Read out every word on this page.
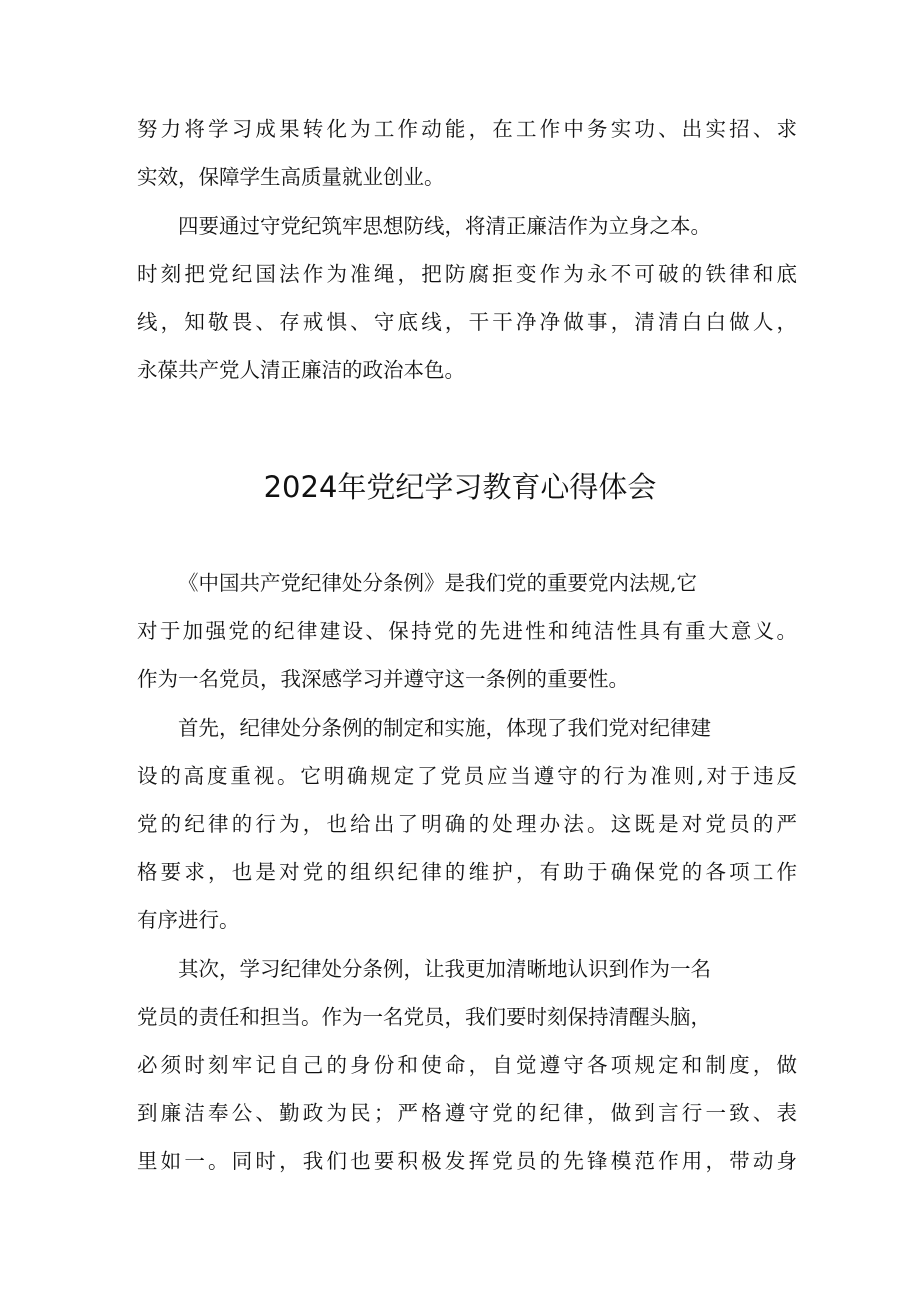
努力将学习成果转化为工作动能，在工作中务实功、出实招、求
实效，保障学生高质量就业创业。
四要通过守党纪筑牢思想防线，将清正廉洁作为立身之本。
时刻把党纪国法作为准绳，把防腐拒变作为永不可破的铁律和底
线，知敬畏、存戒惧、守底线，干干净净做事，清清白白做人，
永葆共产党人清正廉洁的政治本色。
2024年党纪学习教育心得体会
《中国共产党纪律处分条例》是我们党的重要党内法规,它
对于加强党的纪律建设、保持党的先进性和纯洁性具有重大意义。
作为一名党员，我深感学习并遵守这一条例的重要性。
首先，纪律处分条例的制定和实施，体现了我们党对纪律建
设的高度重视。它明确规定了党员应当遵守的行为准则,对于违反
党的纪律的行为，也给出了明确的处理办法。这既是对党员的严
格要求，也是对党的组织纪律的维护，有助于确保党的各项工作
有序进行。
其次，学习纪律处分条例，让我更加清晰地认识到作为一名
党员的责任和担当。作为一名党员，我们要时刻保持清醒头脑，
必须时刻牢记自己的身份和使命，自觉遵守各项规定和制度，做
到廉洁奉公、勤政为民；严格遵守党的纪律，做到言行一致、表
里如一。同时，我们也要积极发挥党员的先锋模范作用，带动身
